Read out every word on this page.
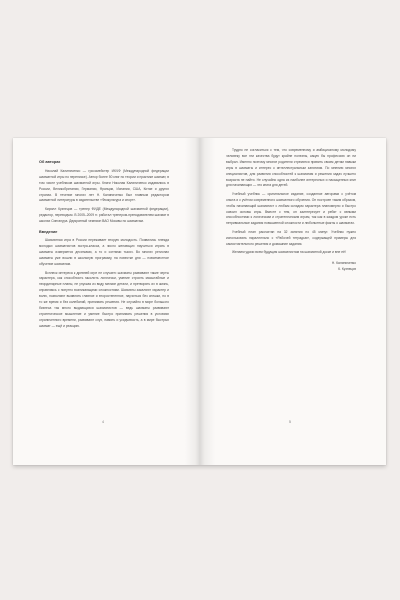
Об авторах

Николай Калиниченко — гроссмейстер ИКЧФ (Международной федерации шахматной игры по переписке). Автор более 50 книг по теории и практике шахмат, в том числе учебников шахматной игры. Книги Николая Калиниченко издавались в России, Великобритании, Германии, Франции, Испании, США, Китае и других странах. В течение многих лет Н. Калиниченко был главным редактором шахматной литературы в издательстве «Физкультура и спорт».

Кирилл Кузнецов — тренер ФИДЕ (Международной шахматной федерации), редактор, переводчик. В 2005–2009 гг. работал тренером-преподавателем шахмат в школах Сингапура. Двукратный чемпион ВАО Москвы по шахматам.

Введение

Шахматная игра в России переживает вторую молодость. Появились плеяда молодых шахматистов экстра-класса, а число желающих научиться играть в шахматы измеряется десятками, а то и сотнями тысяч. Во многих регионах шахматы уже вошли в школьную программу, на повестке дня — повсеместное обучение шахматам.

Всплеск интереса к древней игре не случаен: шахматы развивают такие черты характера, как способность мыслить логически, умение строить масштабные и неординарные планы, не упуская из виду мелкие детали, и претворять их в жизнь, справляясь с попутно возникающими сложностями. Шахматы закаляют характер и волю, позволяют выявлять главное и второстепенное, научиться без спешки, но в то же время и без колебаний, принимать решения. Не случайно в мире большого бизнеса так много выдающихся шахматистов — ведь шахматы развивают стратегическое мышление и умение быстро принимать решения в условиях ограниченного времени, развивают слух, память и усидчивость, а в мире быстрых шахмат — ещё и реакцию.

4

Трудно не согласиться с тем, что современному и амбициозному молодому человеку все эти качества будут крайне полезны, какую бы профессию он ни выбрал. Именно поэтому многие родители стремятся привить своим детям навыки игры в шахматы и интерес к интеллектуальным занятиям. По мнению многих специалистов, для развития способностей к шахматам и решения задач лучшего возраста не найти. Не случайно одна из наиболее интересных и насыщенных книг для начинающих — это книга для детей.

Учебный учебник — оригинальное издание, созданное авторами с учётом опыта и с учётом современного шахматного обучения. Он построен таким образом, чтобы начинающий шахматист с любым складом характера планомерно и быстро освоил основы игры. Вместе с тем, он заинтересует и ребят с явными способностями к логическим и стратегическим играм, так как в каждом уроке есть нетривиальные задания повышенной сложности и любопытные факты о шахматах.

Учебный план рассчитан на 32 занятия по 45 минут. Учебник нужно использовать параллельно с «Рабочей тетрадью», содержащей примеры для самостоятельного решения и домашние задания.

Желаем удачи всем будущим шахматистам на шахматной доске и вне её!

Н. Калиниченко

К. Кузнецов

5
